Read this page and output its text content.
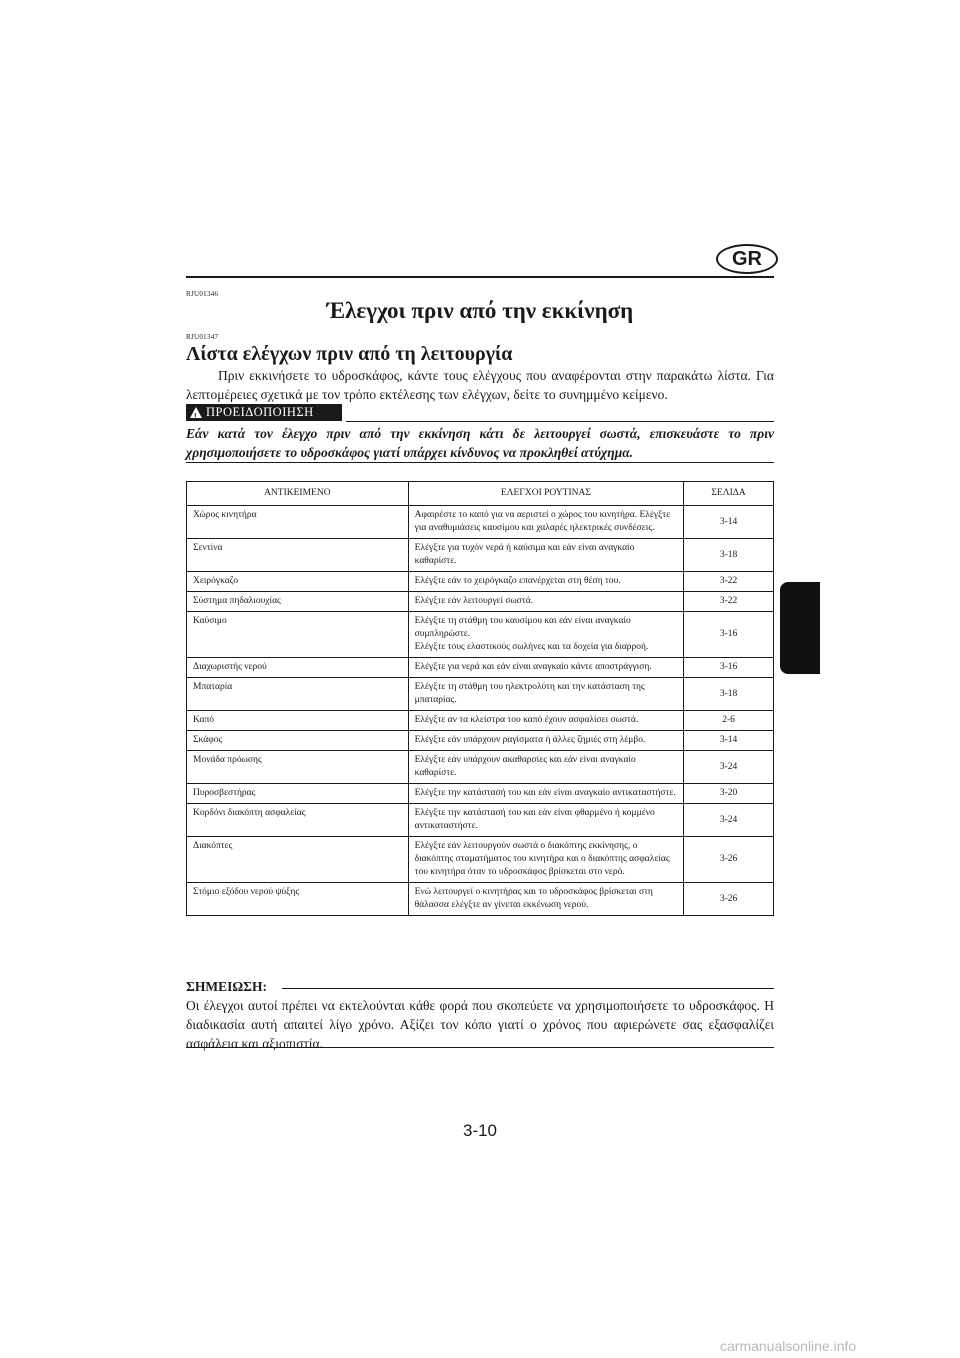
GR
RJU01346
Έλεγχοι πριν από την εκκίνηση
RJU01347
Λίστα ελέγχων πριν από τη λειτουργία
Πριν εκκινήσετε το υδροσκάφος, κάντε τους ελέγχους που αναφέρονται στην παρακάτω λίστα. Για λεπτομέρειες σχετικά με τον τρόπο εκτέλεσης των ελέγχων, δείτε το συνημμένο κείμενο.
!
ΠΡΟΕΙΔΟΠΟΙΗΣΗ
Εάν κατά τον έλεγχο πριν από την εκκίνηση κάτι δε λειτουργεί σωστά, επισκευάστε το πριν χρησιμοποιήσετε το υδροσκάφος γιατί υπάρχει κίνδυνος να προκληθεί ατύχημα.
ΑΝΤΙΚΕΙΜΕΝΟ	ΕΛΕΓΧΟΙ ΡΟΥΤΙΝΑΣ	ΣΕΛΙΔΑ
Χώρος κινητήρα	Αφαιρέστε το καπό για να αεριστεί ο χώρος του κινητήρα. Ελέγξτε για αναθυμιάσεις καυσίμου και χαλαρές ηλεκτρικές συνδέσεις.	3-14
Σεντίνα	Ελέγξτε για τυχόν νερά ή καύσιμα και εάν είναι αναγκαίο καθαρίστε.	3-18
Χειρόγκαζο	Ελέγξτε εάν το χειρόγκαζο επανέρχεται στη θέση του.	3-22
Σύστημα πηδαλιουχίας	Ελέγξτε εάν λειτουργεί σωστά.	3-22
Καύσιμο	Ελέγξτε τη στάθμη του καυσίμου και εάν είναι αναγκαίο συμπληρώστε.
Ελέγξτε τους ελαστικούς σωλήνες και τα δοχεία για διαρροή.	3-16
Διαχωριστής νερού	Ελέγξτε για νερά και εάν είναι αναγκαίο κάντε αποστράγγιση.	3-16
Μπαταρία	Ελέγξτε τη στάθμη του ηλεκτρολύτη και την κατάσταση της μπαταρίας.	3-18
Καπό	Ελέγξτε αν τα κλείστρα του καπό έχουν ασφαλίσει σωστά.	2-6
Σκάφος	Ελέγξτε εάν υπάρχουν ραγίσματα ή άλλες ζημιές στη λέμβο.	3-14
Μονάδα πρόωσης	Ελέγξτε εάν υπάρχουν ακαθαρσίες και εάν είναι αναγκαίο καθαρίστε.	3-24
Πυροσβεστήρας	Ελέγξτε την κατάστασή του και εάν είναι αναγκαίο αντικαταστήστε.	3-20
Κορδόνι διακόπτη ασφαλείας	Ελέγξτε την κατάστασή του και εάν είναι φθαρμένο ή κομμένο αντικαταστήστε.	3-24
Διακόπτες	Ελέγξτε εάν λειτουργούν σωστά ο διακόπτης εκκίνησης, ο διακόπτης σταματήματος του κινητήρα και ο διακόπτης ασφαλείας του κινητήρα όταν το υδροσκάφος βρίσκεται στο νερό.	3-26
Στόμιο εξόδου νερού ψύξης	Ενώ λειτουργεί ο κινητήρας και το υδροσκάφος βρίσκεται στη θάλασσα ελέγξτε αν γίνεται εκκένωση νερού.	3-26
ΣΗΜΕΙΩΣΗ:
Οι έλεγχοι αυτοί πρέπει να εκτελούνται κάθε φορά που σκοπεύετε να χρησιμοποιήσετε το υδροσκάφος. Η διαδικασία αυτή απαιτεί λίγο χρόνο. Αξίζει τον κόπο γιατί ο χρόνος που αφιερώνετε σας εξασφαλίζει ασφάλεια και αξιοπιστία.
3-10
carmanualsonline.info
